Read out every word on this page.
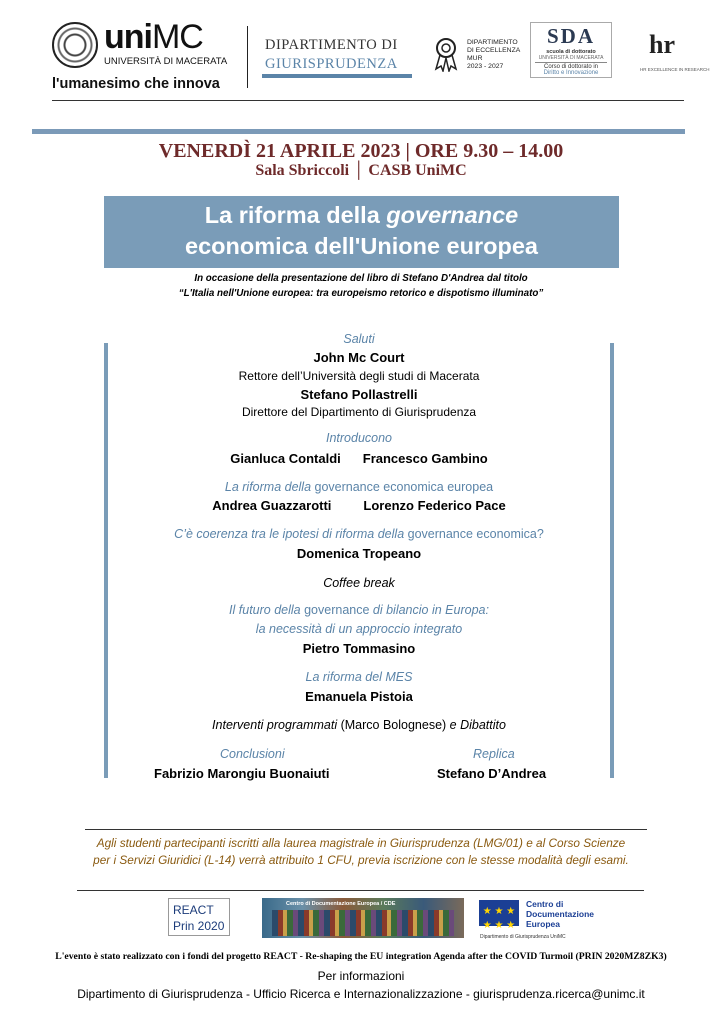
uniMC
UNIVERSITÀ DI MACERATA
l'umanesimo che innova
DIPARTIMENTO DI
GIURISPRUDENZA
DIPARTIMENTO
DI ECCELLENZA
MUR
2023 - 2027
SDA
scuola di dottorato
UNIVERSITÀ DI MACERATA
Corso di dottorato in
Diritto e Innovazione
hr
HR EXCELLENCE IN RESEARCH
VENERDÌ 21 APRILE 2023 | ORE 9.30 – 14.00
Sala Sbriccoli │ CASB UniMC
La riforma della governance
economica dell'Unione europea
In occasione della presentazione del libro di Stefano D'Andrea dal titolo
“L'Italia nell'Unione europea: tra europeismo retorico e dispotismo illuminato”
Saluti
John Mc Court
Rettore dell’Università degli studi di Macerata
Stefano Pollastrelli
Direttore del Dipartimento di Giurisprudenza
Introducono
Gianluca Contaldi Francesco Gambino
La riforma della governance economica europea
Andrea Guazzarotti Lorenzo Federico Pace
C’è coerenza tra le ipotesi di riforma della governance economica?
Domenica Tropeano
Coffee break
Il futuro della governance di bilancio in Europa:
la necessità di un approccio integrato
Pietro Tommasino
La riforma del MES
Emanuela Pistoia
Interventi programmati (Marco Bolognese) e Dibattito
Conclusioni
Fabrizio Marongiu Buonaiuti
Replica
Stefano D’Andrea
Agli studenti partecipanti iscritti alla laurea magistrale in Giurisprudenza (LMG/01) e al Corso Scienze
per i Servizi Giuridici (L-14) verrà attribuito 1 CFU, previa iscrizione con le stesse modalità degli esami.
REACT
Prin 2020
Centro di Documentazione Europea / CDE
★ ★ ★
★ ★ ★
Centro di
Documentazione
Europea
Dipartimento di Giurisprudenza UniMC
L'evento è stato realizzato con i fondi del progetto REACT - Re-shaping the EU integration Agenda after the COVID Turmoil (PRIN 2020MZ8ZK3)
Per informazioni
Dipartimento di Giurisprudenza - Ufficio Ricerca e Internazionalizzazione - giurisprudenza.ricerca@unimc.it
